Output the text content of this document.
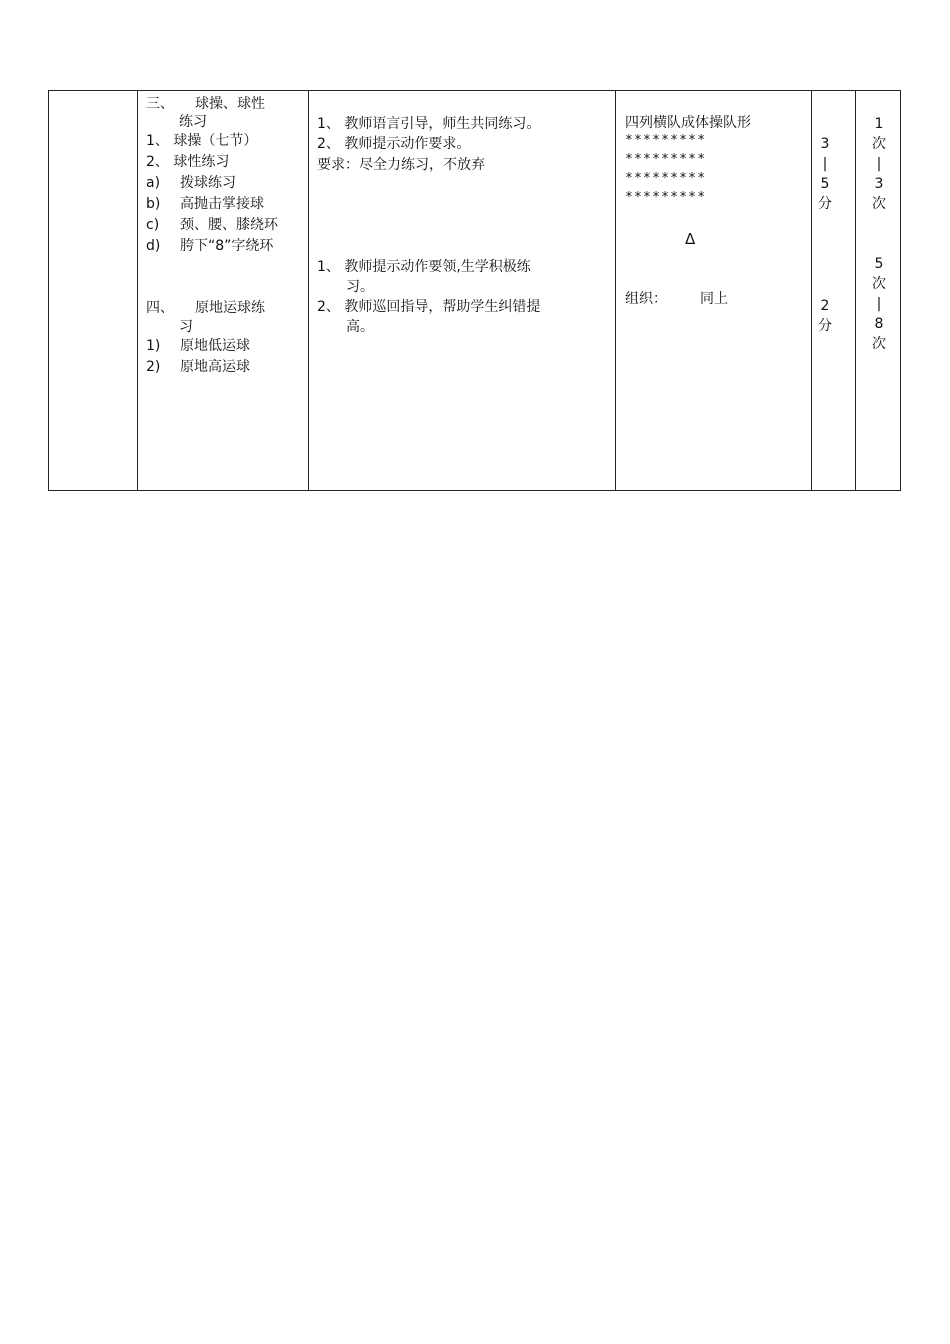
三、　　球操、球性
练习
1、 球操（七节）
2、 球性练习
a) 拨球练习
b) 高抛击掌接球
c) 颈、腰、膝绕环
d) 胯下“8”字绕环
四、　　原地运球练
习
1) 原地低运球
2) 原地高运球
1、 教师语言引导，师生共同练习。
2、 教师提示动作要求。
要求：尽全力练习，不放弃
1、 教师提示动作要领,生学积极练
习。
2、 教师巡回指导，帮助学生纠错提
高。
四列横队成体操队形
*********
*********
*********
*********
Δ
组织： 同上
3
|
5
分
2
分
1
次
|
3
次
5
次
|
8
次
